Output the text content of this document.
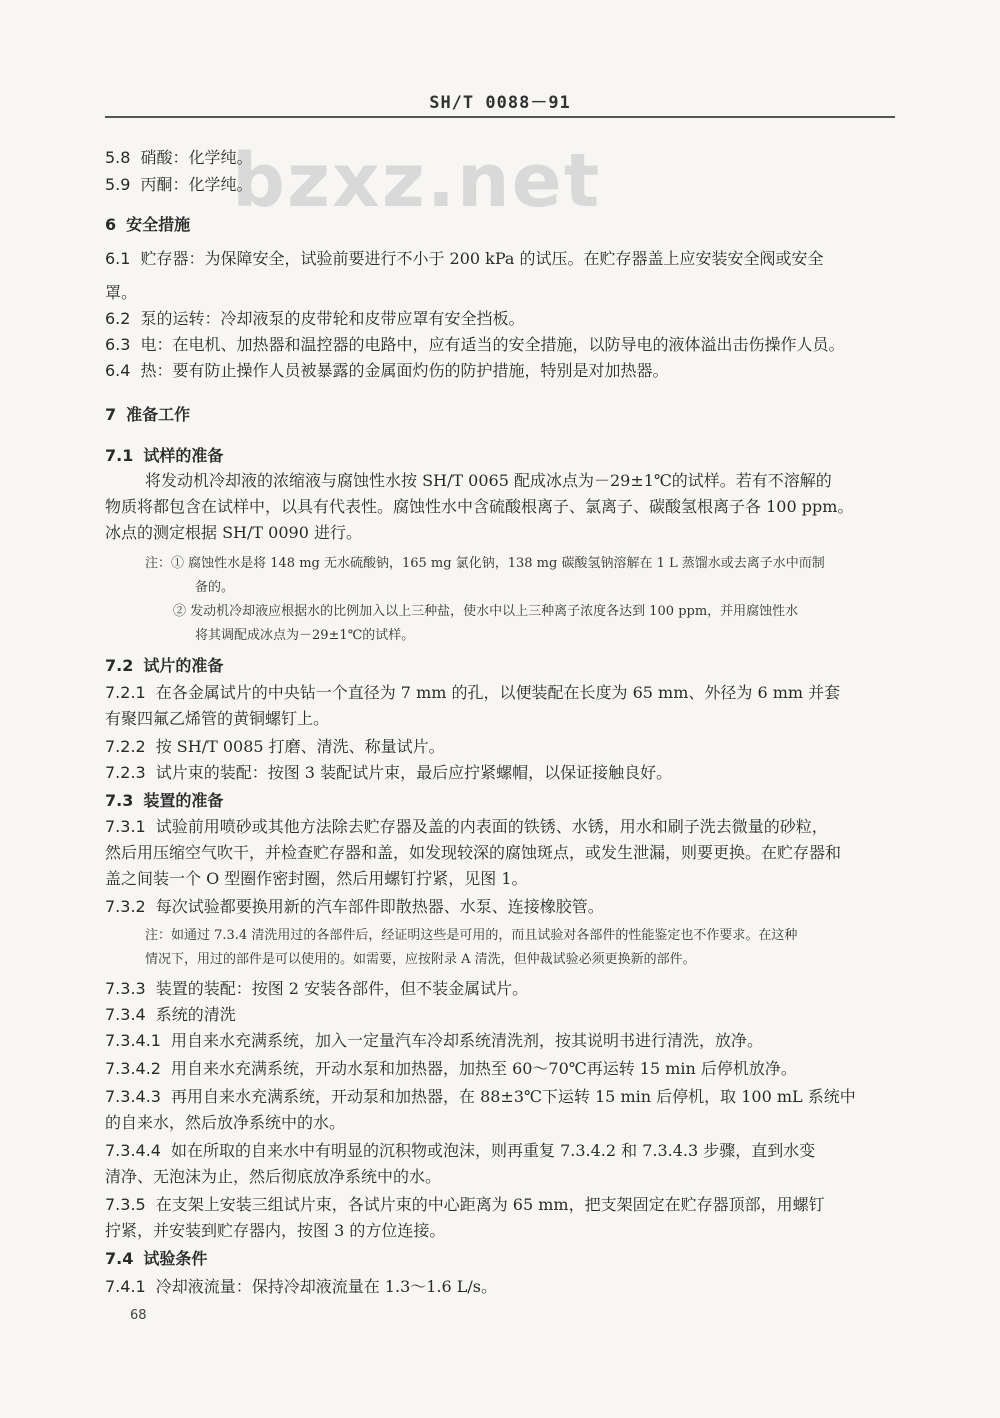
SH/T 0088－91
bzxz.net
5.8 硝酸：化学纯。
5.9 丙酮：化学纯。
6 安全措施
6.1 贮存器：为保障安全，试验前要进行不小于 200 kPa 的试压。在贮存器盖上应安装安全阀或安全
罩。
6.2 泵的运转：冷却液泵的皮带轮和皮带应罩有安全挡板。
6.3 电：在电机、加热器和温控器的电路中，应有适当的安全措施，以防导电的液体溢出击伤操作人员。
6.4 热：要有防止操作人员被暴露的金属面灼伤的防护措施，特别是对加热器。
7 准备工作
7.1 试样的准备
将发动机冷却液的浓缩液与腐蚀性水按 SH/T 0065 配成冰点为－29±1℃的试样。若有不溶解的
物质将都包含在试样中，以具有代表性。腐蚀性水中含硫酸根离子、氯离子、碳酸氢根离子各 100 ppm。
冰点的测定根据 SH/T 0090 进行。
注：① 腐蚀性水是将 148 mg 无水硫酸钠，165 mg 氯化钠，138 mg 碳酸氢钠溶解在 1 L 蒸馏水或去离子水中而制
备的。
② 发动机冷却液应根据水的比例加入以上三种盐，使水中以上三种离子浓度各达到 100 ppm，并用腐蚀性水
将其调配成冰点为－29±1℃的试样。
7.2 试片的准备
7.2.1 在各金属试片的中央钻一个直径为 7 mm 的孔，以便装配在长度为 65 mm、外径为 6 mm 并套
有聚四氟乙烯管的黄铜螺钉上。
7.2.2 按 SH/T 0085 打磨、清洗、称量试片。
7.2.3 试片束的装配：按图 3 装配试片束，最后应拧紧螺帽，以保证接触良好。
7.3 装置的准备
7.3.1 试验前用喷砂或其他方法除去贮存器及盖的内表面的铁锈、水锈，用水和刷子洗去微量的砂粒，
然后用压缩空气吹干，并检查贮存器和盖，如发现较深的腐蚀斑点，或发生泄漏，则要更换。在贮存器和
盖之间装一个 O 型圈作密封圈，然后用螺钉拧紧，见图 1。
7.3.2 每次试验都要换用新的汽车部件即散热器、水泵、连接橡胶管。
注：如通过 7.3.4 清洗用过的各部件后，经证明这些是可用的，而且试验对各部件的性能鉴定也不作要求。在这种
情况下，用过的部件是可以使用的。如需要，应按附录 A 清洗，但仲裁试验必须更换新的部件。
7.3.3 装置的装配：按图 2 安装各部件，但不装金属试片。
7.3.4 系统的清洗
7.3.4.1 用自来水充满系统，加入一定量汽车冷却系统清洗剂，按其说明书进行清洗，放净。
7.3.4.2 用自来水充满系统，开动水泵和加热器，加热至 60～70℃再运转 15 min 后停机放净。
7.3.4.3 再用自来水充满系统，开动泵和加热器，在 88±3℃下运转 15 min 后停机，取 100 mL 系统中
的自来水，然后放净系统中的水。
7.3.4.4 如在所取的自来水中有明显的沉积物或泡沫，则再重复 7.3.4.2 和 7.3.4.3 步骤，直到水变
清净、无泡沫为止，然后彻底放净系统中的水。
7.3.5 在支架上安装三组试片束，各试片束的中心距离为 65 mm，把支架固定在贮存器顶部，用螺钉
拧紧，并安装到贮存器内，按图 3 的方位连接。
7.4 试验条件
7.4.1 冷却液流量：保持冷却液流量在 1.3～1.6 L/s。
68
